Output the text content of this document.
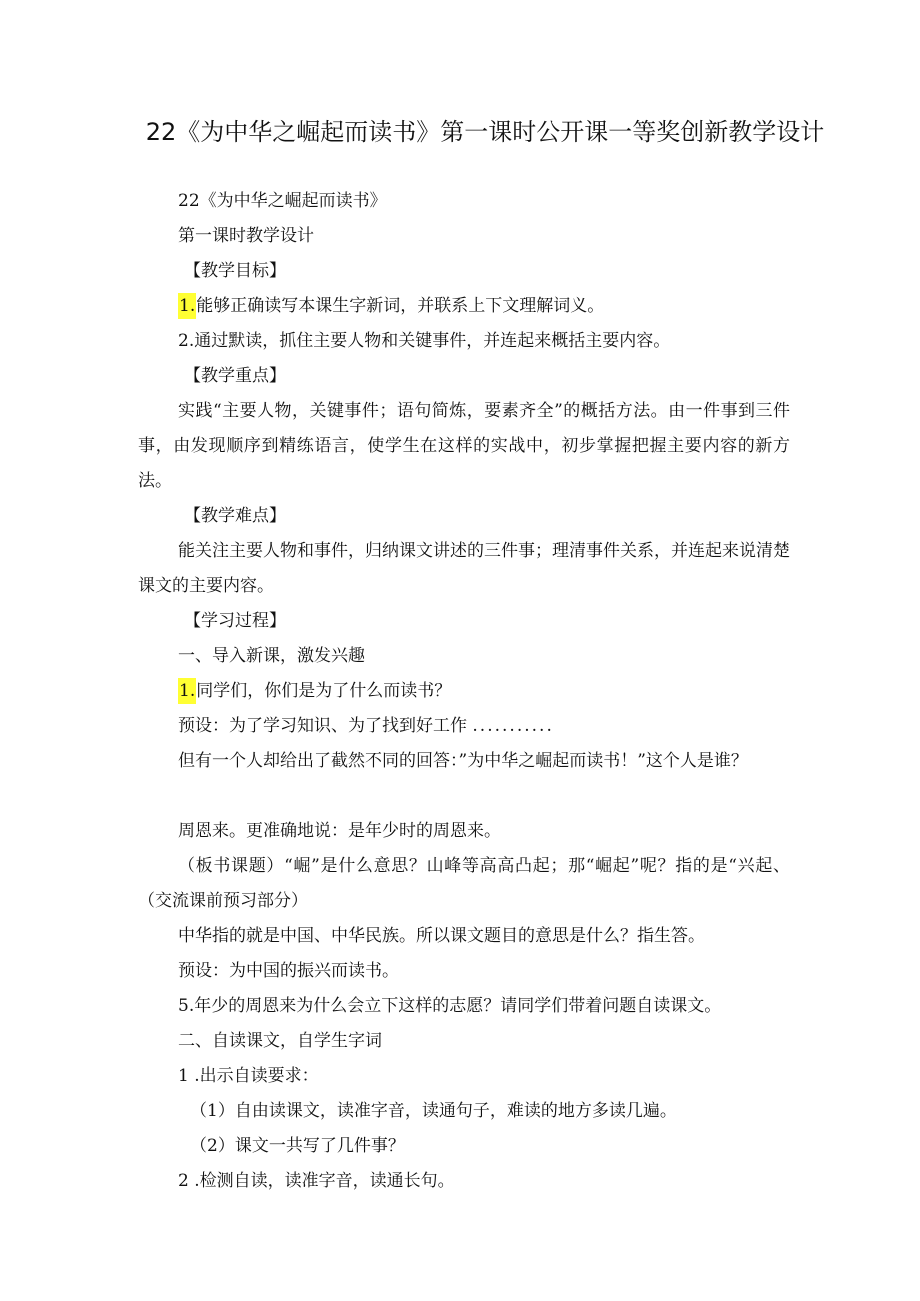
22《为中华之崛起而读书》第一课时公开课一等奖创新教学设计
22《为中华之崛起而读书》
第一课时教学设计
【教学目标】
1.能够正确读写本课生字新词，并联系上下文理解词义。
2.通过默读，抓住主要人物和关键事件，并连起来概括主要内容。
【教学重点】
实践“主要人物，关键事件；语句简炼，要素齐全”的概括方法。由一件事到三件事，由发现顺序到精练语言，使学生在这样的实战中，初步掌握把握主要内容的新方法。
【教学难点】
能关注主要人物和事件，归纳课文讲述的三件事；理清事件关系，并连起来说清楚课文的主要内容。
【学习过程】
一、导入新课，激发兴趣
1.同学们，你们是为了什么而读书？
预设：为了学习知识、为了找到好工作 ...........
但有一个人却给出了截然不同的回答：”为中华之崛起而读书！”这个人是谁？
周恩来。更准确地说：是年少时的周恩来。
（板书课题）“崛”是什么意思？山峰等高高凸起；那“崛起”呢？指的是“兴起、（交流课前预习部分）
中华指的就是中国、中华民族。所以课文题目的意思是什么？指生答。
预设：为中国的振兴而读书。
5.年少的周恩来为什么会立下这样的志愿？请同学们带着问题自读课文。
二、自读课文，自学生字词
1 .出示自读要求：
（1）自由读课文，读准字音，读通句子，难读的地方多读几遍。
（2）课文一共写了几件事？
2 .检测自读，读准字音，读通长句。
